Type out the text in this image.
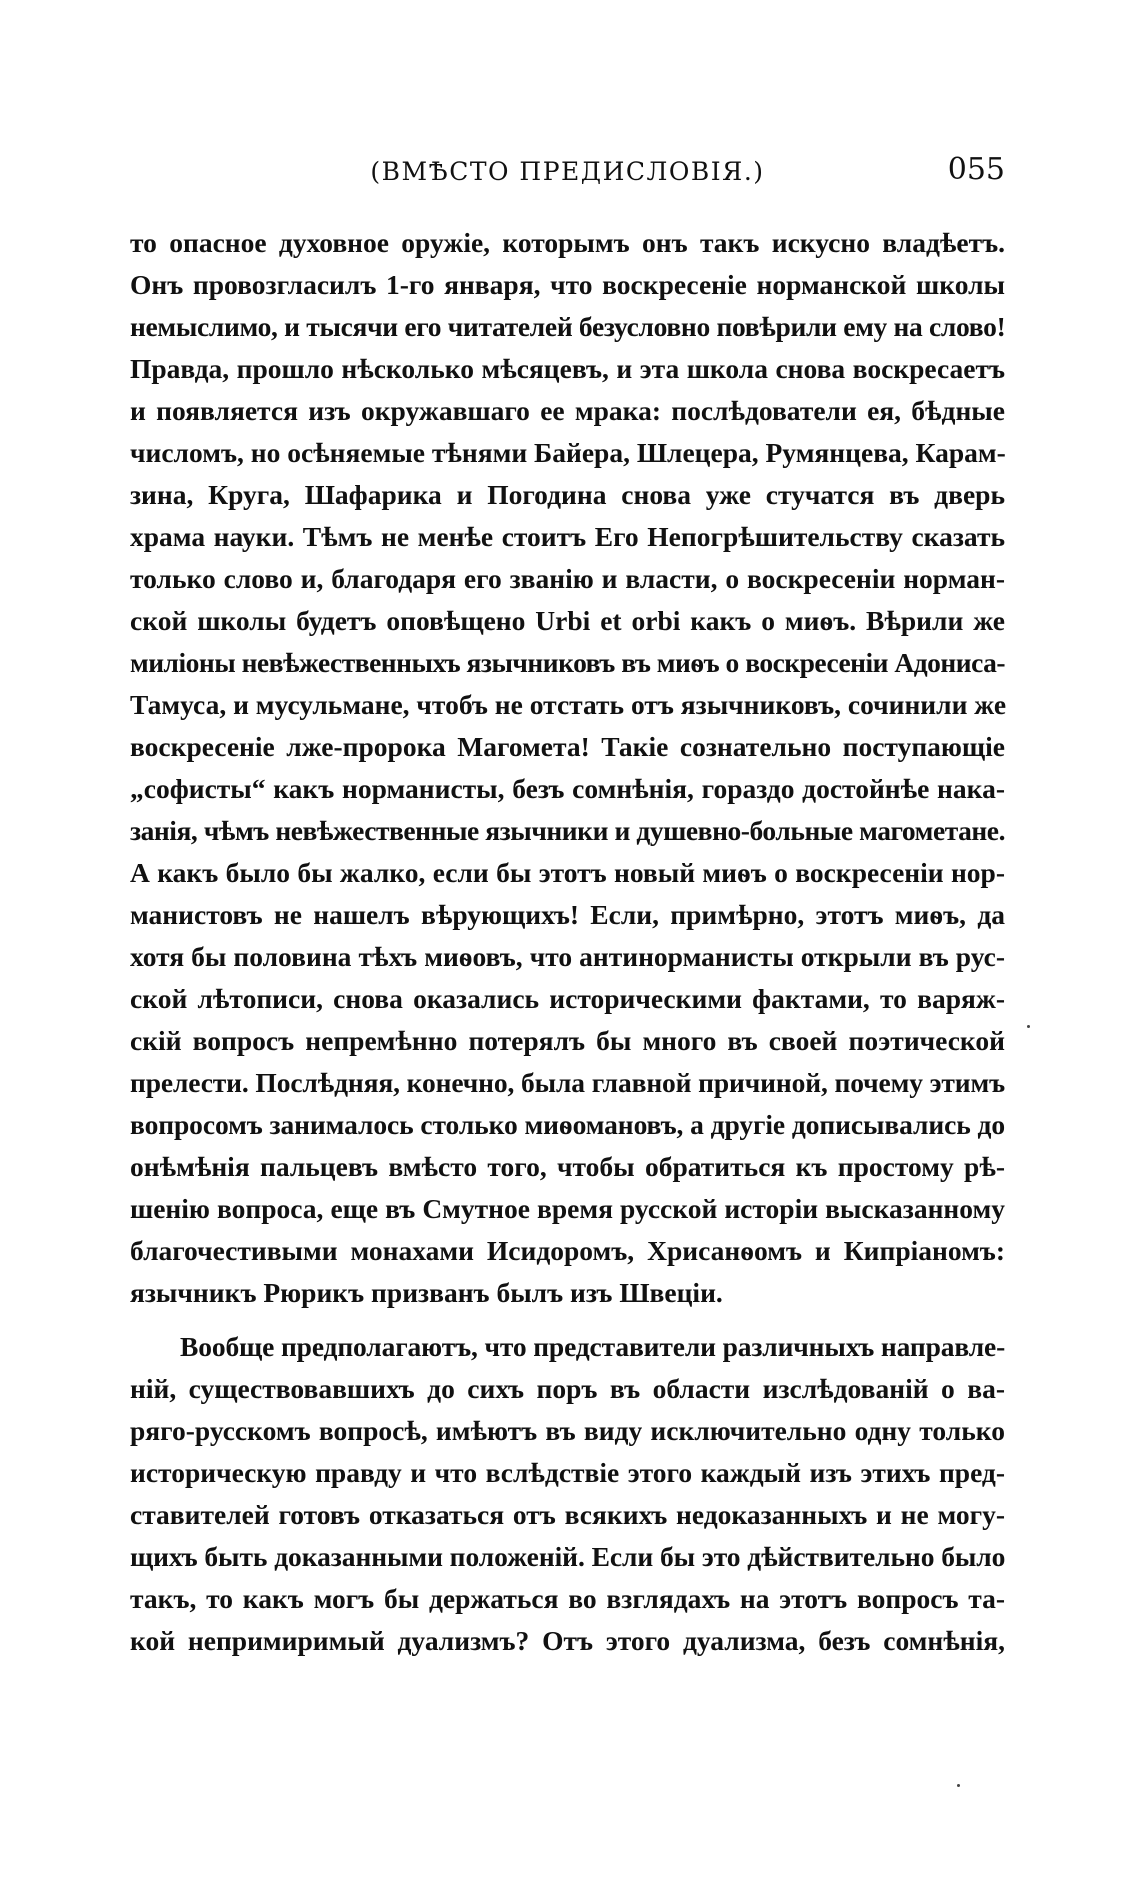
(ВМѢСТО ПРЕДИСЛОВІЯ.)	055
то опасное духовное оружіе, которымъ онъ такъ искусно владѣетъ.
Онъ провозгласилъ 1-го января, что воскресеніе норманской школы
немыслимо, и тысячи его читателей безусловно повѣрили ему на слово!
Правда, прошло нѣсколько мѣсяцевъ, и эта школа снова воскресаетъ
и появляется изъ окружавшаго ее мрака: послѣдователи ея, бѣдные
числомъ, но осѣняемые тѣнями Байера, Шлецера, Румянцева, Карам-
зина, Круга, Шафарика и Погодина снова уже стучатся въ дверь
храма науки. Тѣмъ не менѣе стоитъ Его Непогрѣшительству сказать
только слово и, благодаря его званію и власти, о воскресеніи норман-
ской школы будетъ оповѣщено Urbi et orbi какъ о миѳъ. Вѣрили же
миліоны невѣжественныхъ язычниковъ въ миѳъ о воскресеніи Адониса-
Тамуса, и мусульмане, чтобъ не отстать отъ язычниковъ, сочинили же
воскресеніе лже-пророка Магомета! Такіе сознательно поступающіе
„софисты“ какъ норманисты, безъ сомнѣнія, гораздо достойнѣе нака-
занія, чѣмъ невѣжественные язычники и душевно-больные магометане.
А какъ было бы жалко, если бы этотъ новый миѳъ о воскресеніи нор-
манистовъ не нашелъ вѣрующихъ! Если, примѣрно, этотъ миѳъ, да
хотя бы половина тѣхъ миѳовъ, что антинорманисты открыли въ рус-
ской лѣтописи, снова оказались историческими фактами, то варяж-
скій вопросъ непремѣнно потерялъ бы много въ своей поэтической
прелести. Послѣдняя, конечно, была главной причиной, почему этимъ
вопросомъ занималось столько миѳомановъ, а другіе дописывались до
онѣмѣнія пальцевъ вмѣсто того, чтобы обратиться къ простому рѣ-
шенію вопроса, еще въ Смутное время русской исторіи высказанному
благочестивыми монахами Исидоромъ, Хрисанѳомъ и Кипріаномъ:
язычникъ Рюрикъ призванъ былъ изъ Швеціи.
Вообще предполагаютъ, что представители различныхъ направле-
ній, существовавшихъ до сихъ поръ въ области изслѣдованій о ва-
ряго-русскомъ вопросѣ, имѣютъ въ виду исключительно одну только
историческую правду и что вслѣдствіе этого каждый изъ этихъ пред-
ставителей готовъ отказаться отъ всякихъ недоказанныхъ и не могу-
щихъ быть доказанными положеній. Если бы это дѣйствительно было
такъ, то какъ могъ бы держаться во взглядахъ на этотъ вопросъ та-
кой непримиримый дуализмъ? Отъ этого дуализма, безъ сомнѣнія,
